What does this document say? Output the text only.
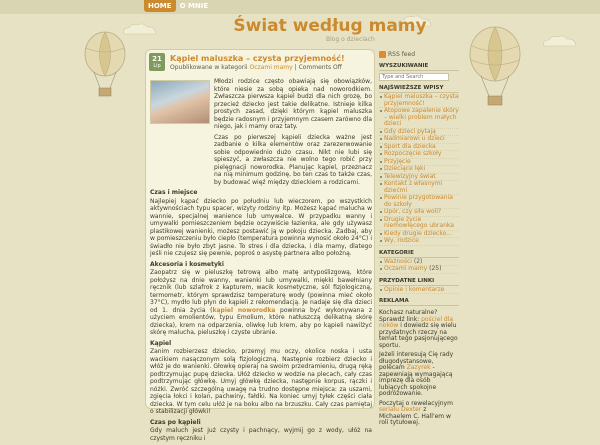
HOME	O MNIE
Świat według mamy
Blog o dzieciach
21
Lip
Kąpiel maluszka – czysta przyjemność!
Opublikowane w kategorii Oczami mamy | Comments Off

Młodzi rodzice często obawiają się obowiązków, które niesie za sobą opieka nad noworodkiem. Zwłaszcza pierwsza kąpiel budzi dla nich grozę, bo przecież dziecko jest takie delikatne. Istnieje kilka prostych zasad, dzięki którym kąpiel maluszka będzie radosnym i przyjemnym czasem zarówno dla niego, jak i mamy oraz taty.

Czas po pierwszej kąpieli dziecka ważne jest zadbanie o kilka elementów oraz zarezerwowanie sobie odpowiednio dużo czasu. Nikt nie lubi się spieszyć, a zwłaszcza nie wolno tego robić przy pielęgnacji noworodka. Planując kąpiel, przeznacz na nią minimum godzinę, bo ten czas to także czas, by budować więź między dzieckiem a rodzicami.

Czas i miejsce

Najlepiej kąpać dziecko po południu lub wieczorem, po wszystkich aktywnościach typu spacer, wizyty rodziny itp. Możesz kąpać malucha w wannie, specjalnej wanience lub umywalce. W przypadku wanny i umywalki pomieszczeniem będzie oczywiście łazienka, ale gdy używasz plastikowej wanienki, możesz postawić ją w pokoju dziecka. Zadbaj, aby w pomieszczeniu było ciepło (temperatura powinna wynosić około 24°C) i świadło nie było zbyt jasne. To stres i dla dziecka, i dla mamy, dlatego jeśli nie czujesz się pewnie, poproś o asystę partnera albo położną.

Akcesoria i kosmetyki

Zaopatrz się w pieluszkę tetrową albo matę antypoślizgową, które położysz na dnie wanny, wanienki lub umywalki, miękki bawełniany ręcznik (lub szlafrok z kapturem, wacik kosmetyczne, sól fizjologiczną, termometr, którym sprawdzisz temperaturę wody (powinna mieć około 37°C), mydło lub płyn do kąpieli z rekomendacją. Je nadaje się dla dzieci od 1. dnia życia (kąpiel noworodka powinna być wykonywana z użyciem emolientów, typu Emolium, które natłuszczą delikatną skórę dziecka), krem na odparzenia, oliwkę lub krem, aby po kąpieli nawilżyć skórę malucha, pieluszkę i czyste ubranie.

Kąpiel

Zanim rozbierzesz dziecko, przemyj mu oczy, okolice noska i usta wacikiem nasączonym solą fizjologiczną. Następnie rozbierz dziecko i włóż je do wanienki. Głowkę opieraj na swoim przedramieniu, drugą ręką podtrzymując pupę dziecka. Ułóż dziecko w wodzie na plecach, cały czas podtrzymując główkę. Umyj główkę dziecka, następnie korpus, rączki i nóżki. Zwróć szczególną uwagę na trudno dostępne miejsca: za uszami, zgięcia łokci i kolan, pachwiny, fałdki. Na koniec umyj tyłek części ciała dziecka. W tym celu ułóż je na boku albo na brzuszku. Cały czas pamiętaj o stabilizacji główki!

Czas po kąpieli

Gdy maluch jest już czysty i pachnący, wyjmij go z wody, ułóż na czystym ręczniku i

RSS feed
WYSZUKIWANIE
Type and Search
NAJŚWIEŻSZE WPISY
Kąpiel maluszka – czysta przyjemność!
Atopowe zapalenie skóry – wielki problem małych dzieci
Gdy dzieci pytają
Nadmiarowi u dzieci
Sport dla dziecka
Rozpoczęcie szkoły
Przyjęcie
Dzieciące lęki
Telewizyjny świat
Kontakt z własnymi dziećmi
Powinie przygotowania do szkoły
Upór, czy siła woli?
Drugie życie niemowlęcego ubranka
Kiedy drugie dziecko...
Wy, rodzice
KATEGORIE
Ważności (2)
Oczami mamy (25)
PRZYDATNE LINKI
Opinie i komentarze
REKLAMA

Kochasz naturalne? Sprawdź link: pościel dla noków i dowiedz się wielu przydatnych rzeczy na temat tego pasjonującego sportu.

Jeżeli interesują Cię rady długodystansowe, polecam Zazyrek - zapewniają wymagającą imprezę dla osób lubiących spokojne podróżowanie.

Poczytaj o rewelacyjnym serialu Dexter z Michaelem C. Hall'em w roli tytułowej.
